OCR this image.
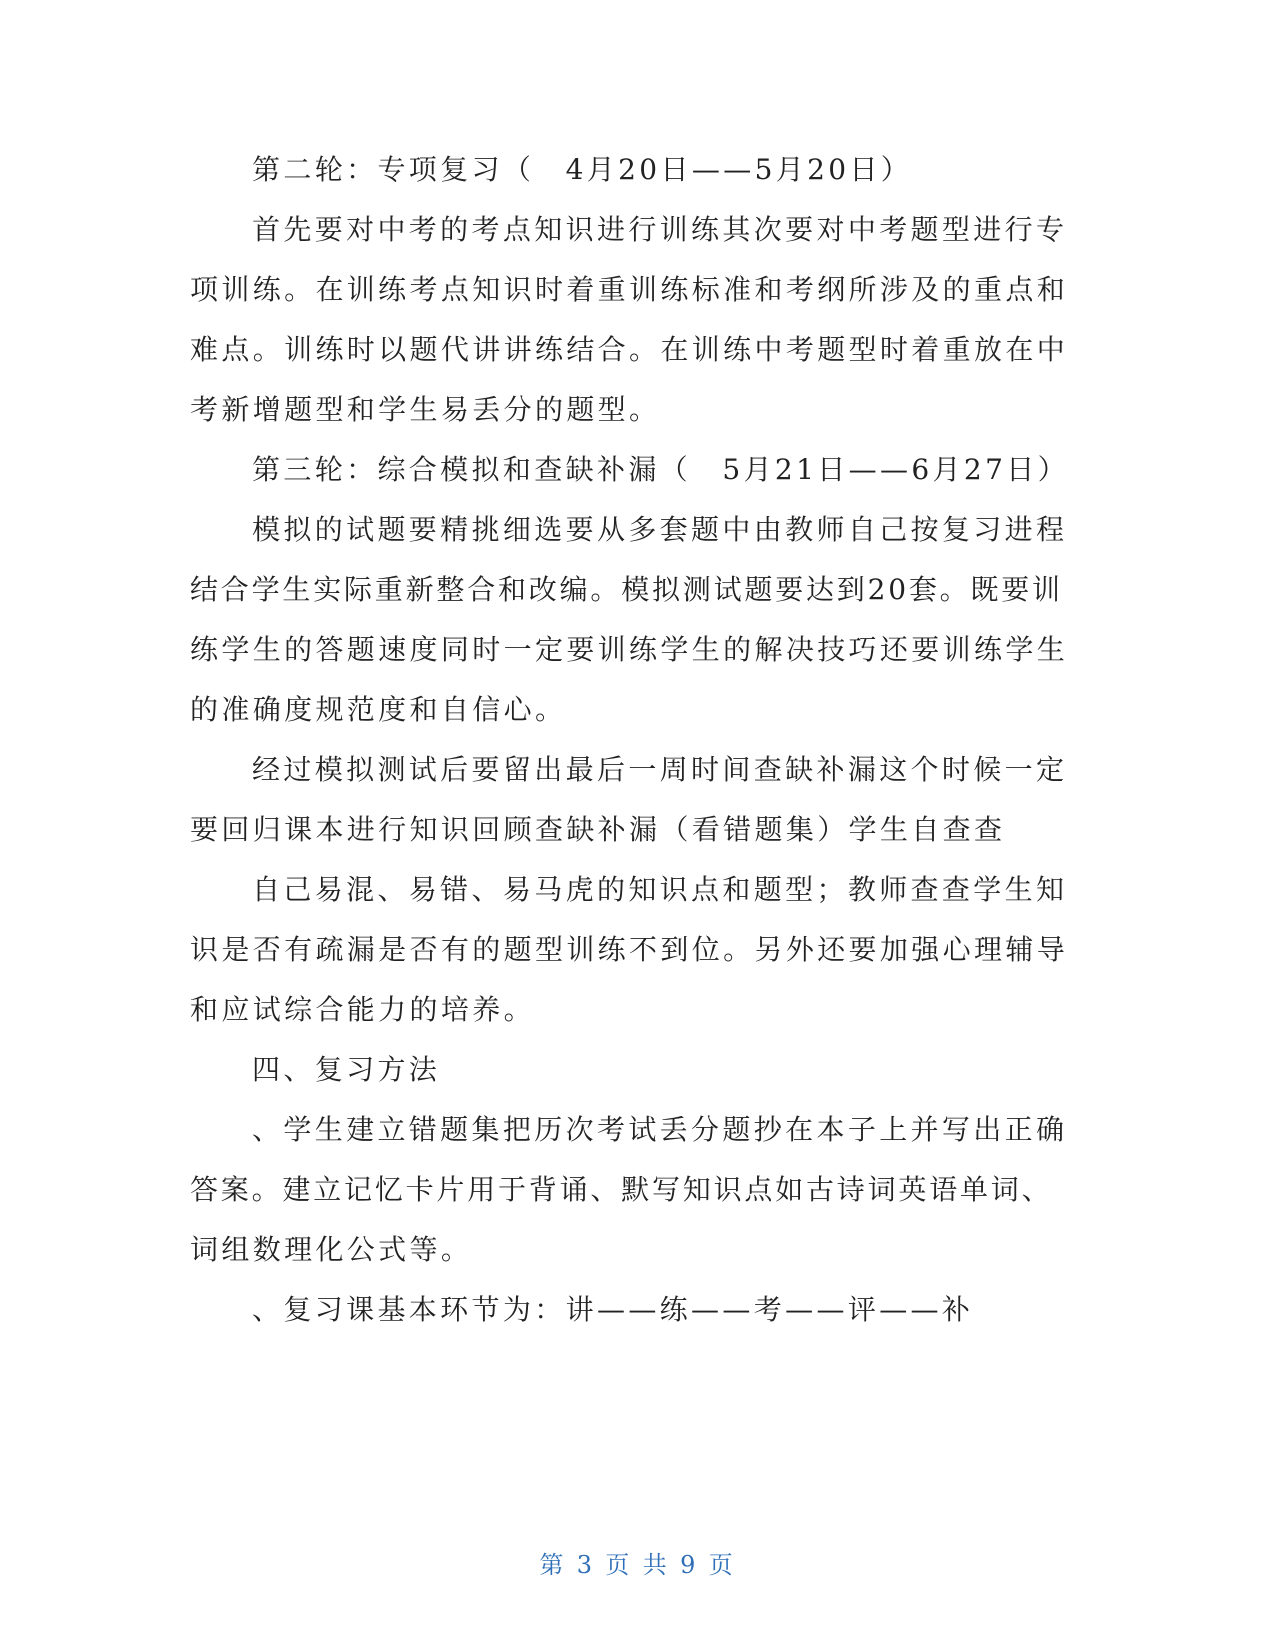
第二轮：专项复习（　4月20日——5月20日）
首先要对中考的考点知识进行训练其次要对中考题型进行专
项训练。在训练考点知识时着重训练标准和考纲所涉及的重点和
难点。训练时以题代讲讲练结合。在训练中考题型时着重放在中
考新增题型和学生易丢分的题型。
第三轮：综合模拟和查缺补漏（　5月21日——6月27日）
模拟的试题要精挑细选要从多套题中由教师自己按复习进程
结合学生实际重新整合和改编。模拟测试题要达到20套。既要训
练学生的答题速度同时一定要训练学生的解决技巧还要训练学生
的准确度规范度和自信心。
经过模拟测试后要留出最后一周时间查缺补漏这个时候一定
要回归课本进行知识回顾查缺补漏（看错题集）学生自查查
自己易混、易错、易马虎的知识点和题型；教师查查学生知
识是否有疏漏是否有的题型训练不到位。另外还要加强心理辅导
和应试综合能力的培养。
四、复习方法
、学生建立错题集把历次考试丢分题抄在本子上并写出正确
答案。建立记忆卡片用于背诵、默写知识点如古诗词英语单词、
词组数理化公式等。
、复习课基本环节为：讲——练——考——评——补
第 3 页 共 9 页
